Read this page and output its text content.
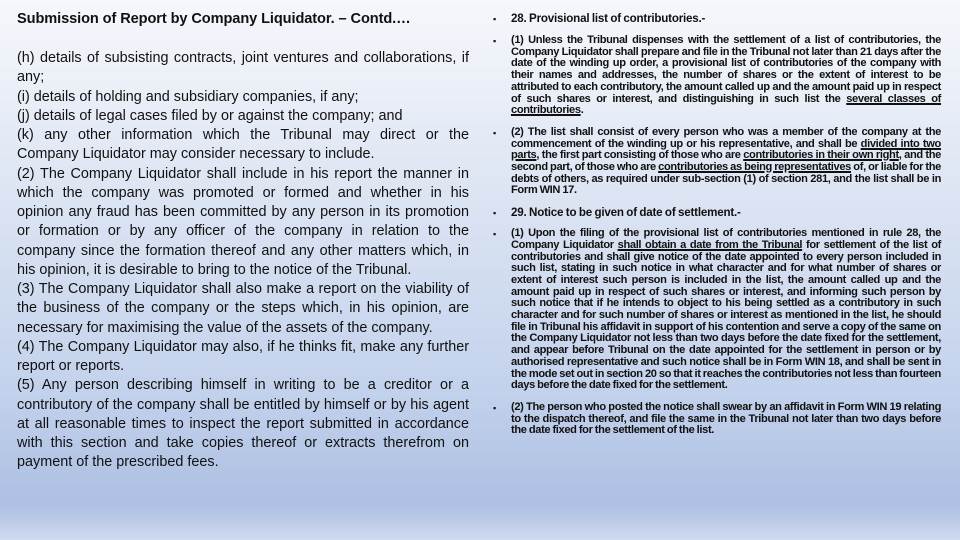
Submission of Report by Company Liquidator. – Contd.…

(h) details of subsisting contracts, joint ventures and collaborations, if any;

(i) details of holding and subsidiary companies, if any;

(j) details of legal cases filed by or against the company; and

(k) any other information which the Tribunal may direct or the Company Liquidator may consider necessary to include.

(2) The Company Liquidator shall include in his report the manner in which the company was promoted or formed and whether in his opinion any fraud has been committed by any person in its promotion or formation or by any officer of the company in relation to the company since the formation thereof and any other matters which, in his opinion, it is desirable to bring to the notice of the Tribunal.

(3) The Company Liquidator shall also make a report on the viability of the business of the company or the steps which, in his opinion, are necessary for maximising the value of the assets of the company.

(4) The Company Liquidator may also, if he thinks fit, make any further report or reports.

(5) Any person describing himself in writing to be a creditor or a contributory of the company shall be entitled by himself or by his agent at all reasonable times to inspect the report submitted in accordance with this section and take copies thereof or extracts therefrom on payment of the prescribed fees.

▪ 28. Provisional list of contributories.-
▪ (1) Unless the Tribunal dispenses with the settlement of a list of contributories, the Company Liquidator shall prepare and file in the Tribunal not later than 21 days after the date of the winding up order, a provisional list of contributories of the company with their names and addresses, the number of shares or the extent of interest to be attributed to each contributory, the amount called up and the amount paid up in respect of such shares or interest, and distinguishing in such list the several classes of contributories.
▪ (2) The list shall consist of every person who was a member of the company at the commencement of the winding up or his representative, and shall be divided into two parts, the first part consisting of those who are contributories in their own right, and the second part, of those who are contributories as being representatives of, or liable for the debts of others, as required under sub-section (1) of section 281, and the list shall be in Form WIN 17.
▪ 29. Notice to be given of date of settlement.-
▪ (1) Upon the filing of the provisional list of contributories mentioned in rule 28, the Company Liquidator shall obtain a date from the Tribunal for settlement of the list of contributories and shall give notice of the date appointed to every person included in such list, stating in such notice in what character and for what number of shares or extent of interest such person is included in the list, the amount called up and the amount paid up in respect of such shares or interest, and informing such person by such notice that if he intends to object to his being settled as a contributory in such character and for such number of shares or interest as mentioned in the list, he should file in Tribunal his affidavit in support of his contention and serve a copy of the same on the Company Liquidator not less than two days before the date fixed for the settlement, and appear before Tribunal on the date appointed for the settlement in person or by authorised representative and such notice shall be in Form WIN 18, and shall be sent in the mode set out in section 20 so that it reaches the contributories not less than fourteen days before the date fixed for the settlement.
▪ (2) The person who posted the notice shall swear by an affidavit in Form WIN 19 relating to the dispatch thereof, and file the same in the Tribunal not later than two days before the date fixed for the settlement of the list.
